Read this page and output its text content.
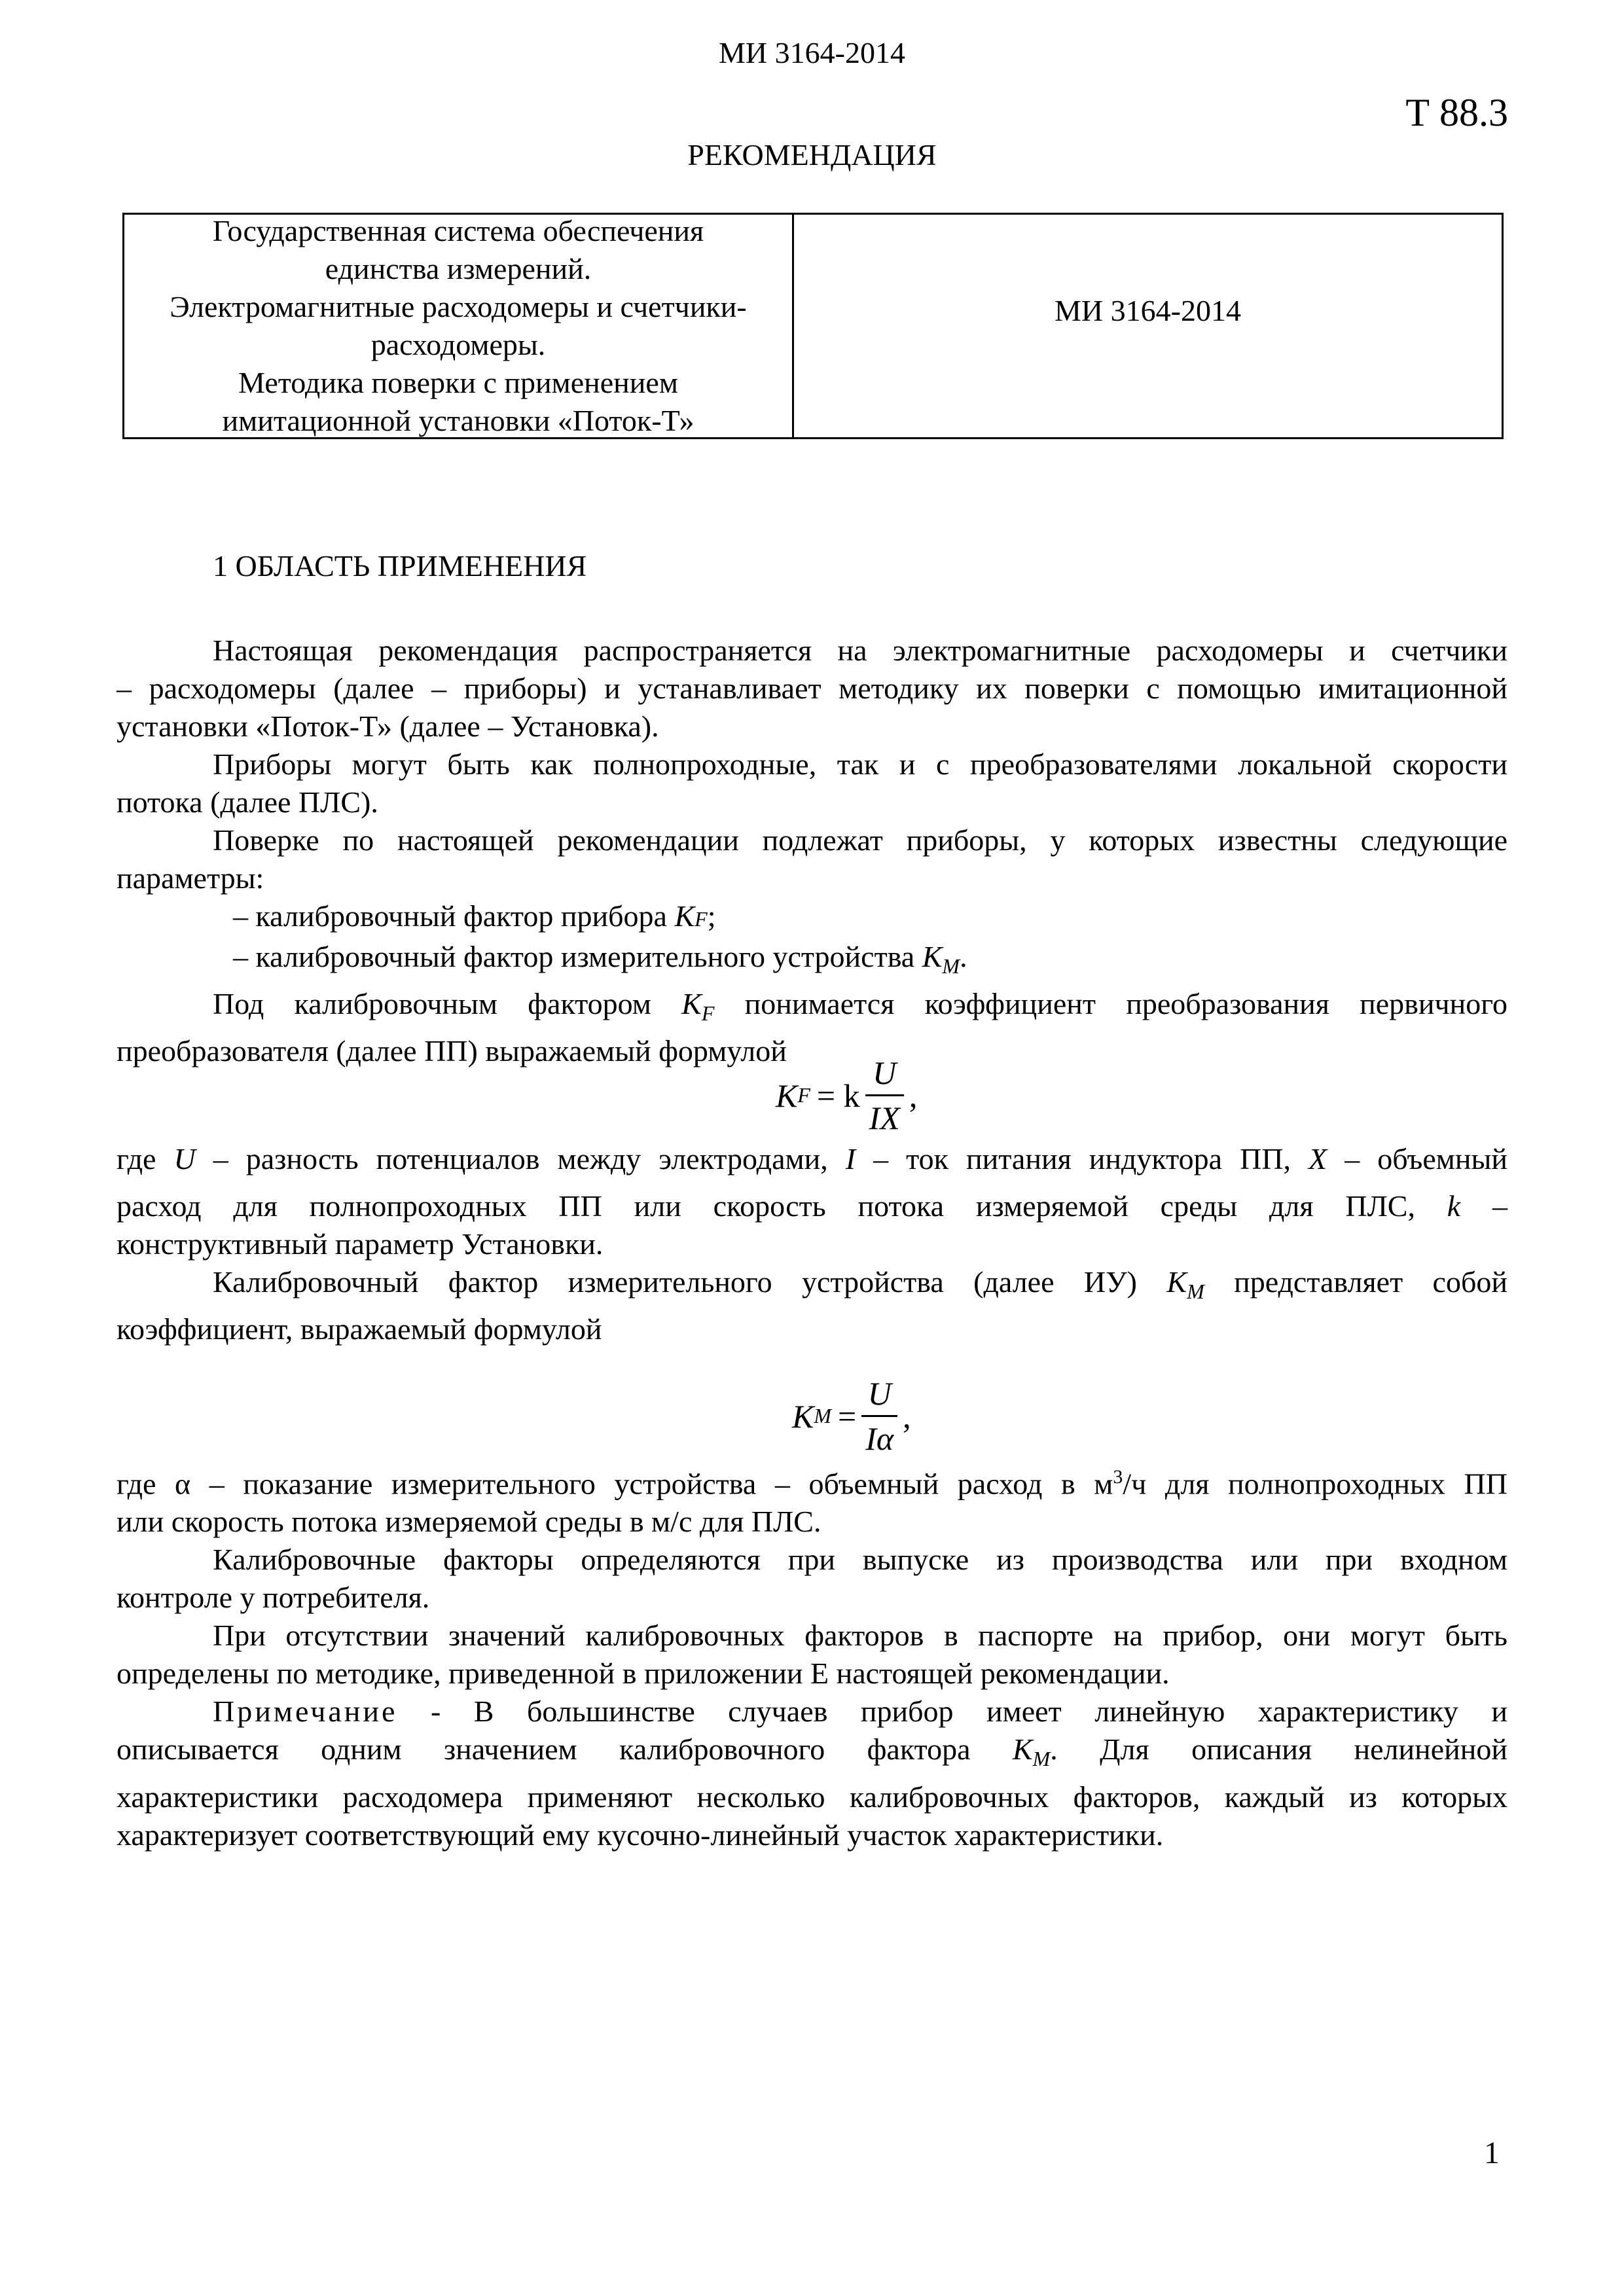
МИ 3164-2014
Т 88.3
РЕКОМЕНДАЦИЯ
Государственная система обеспечения
единства измерений.
Электромагнитные расходомеры и счетчики-
расходомеры.
Методика поверки с применением
имитационной установки «Поток-Т»
МИ 3164-2014
1 ОБЛАСТЬ ПРИМЕНЕНИЯ

Настоящая рекомендация распространяется на электромагнитные расходомеры и счетчики

– расходомеры (далее – приборы) и устанавливает методику их поверки с помощью имитационной

установки «Поток-Т» (далее – Установка).

Приборы могут быть как полнопроходные, так и с преобразователями локальной скорости

потока (далее ПЛС).

Поверке по настоящей рекомендации подлежат приборы, у которых известны следующие

параметры:

– калибровочный фактор прибора KF;

– калибровочный фактор измерительного устройства $K_M$.

Под калибровочным фактором $K_F$ понимается коэффициент преобразования первичного

преобразователя (далее ПП) выражаемый формулой

K F = k $\frac{U}{IX}$ ,

где U – разность потенциалов между электродами, I – ток питания индуктора ПП, X – объемный

расход для полнопроходных ПП или скорость потока измеряемой среды для ПЛС, k –

конструктивный параметр Установки.

Калибровочный фактор измерительного устройства (далее ИУ) $K_M$ представляет собой

коэффициент, выражаемый формулой

K $M = \frac{U}{I\alpha}$ ,

где α – показание измерительного устройства – объемный расход в $м^3/ч$ для полнопроходных ПП

или скорость потока измеряемой среды в м/с для ПЛС.

Калибровочные факторы определяются при выпуске из производства или при входном

контроле у потребителя.

При отсутствии значений калибровочных факторов в паспорте на прибор, они могут быть

определены по методике, приведенной в приложении Е настоящей рекомендации.

Примечание - В большинстве случаев прибор имеет линейную характеристику и

описывается одним значением калибровочного фактора $K_M$. Для описания нелинейной

характеристики расходомера применяют несколько калибровочных факторов, каждый из которых

характеризует соответствующий ему кусочно-линейный участок характеристики.

1
